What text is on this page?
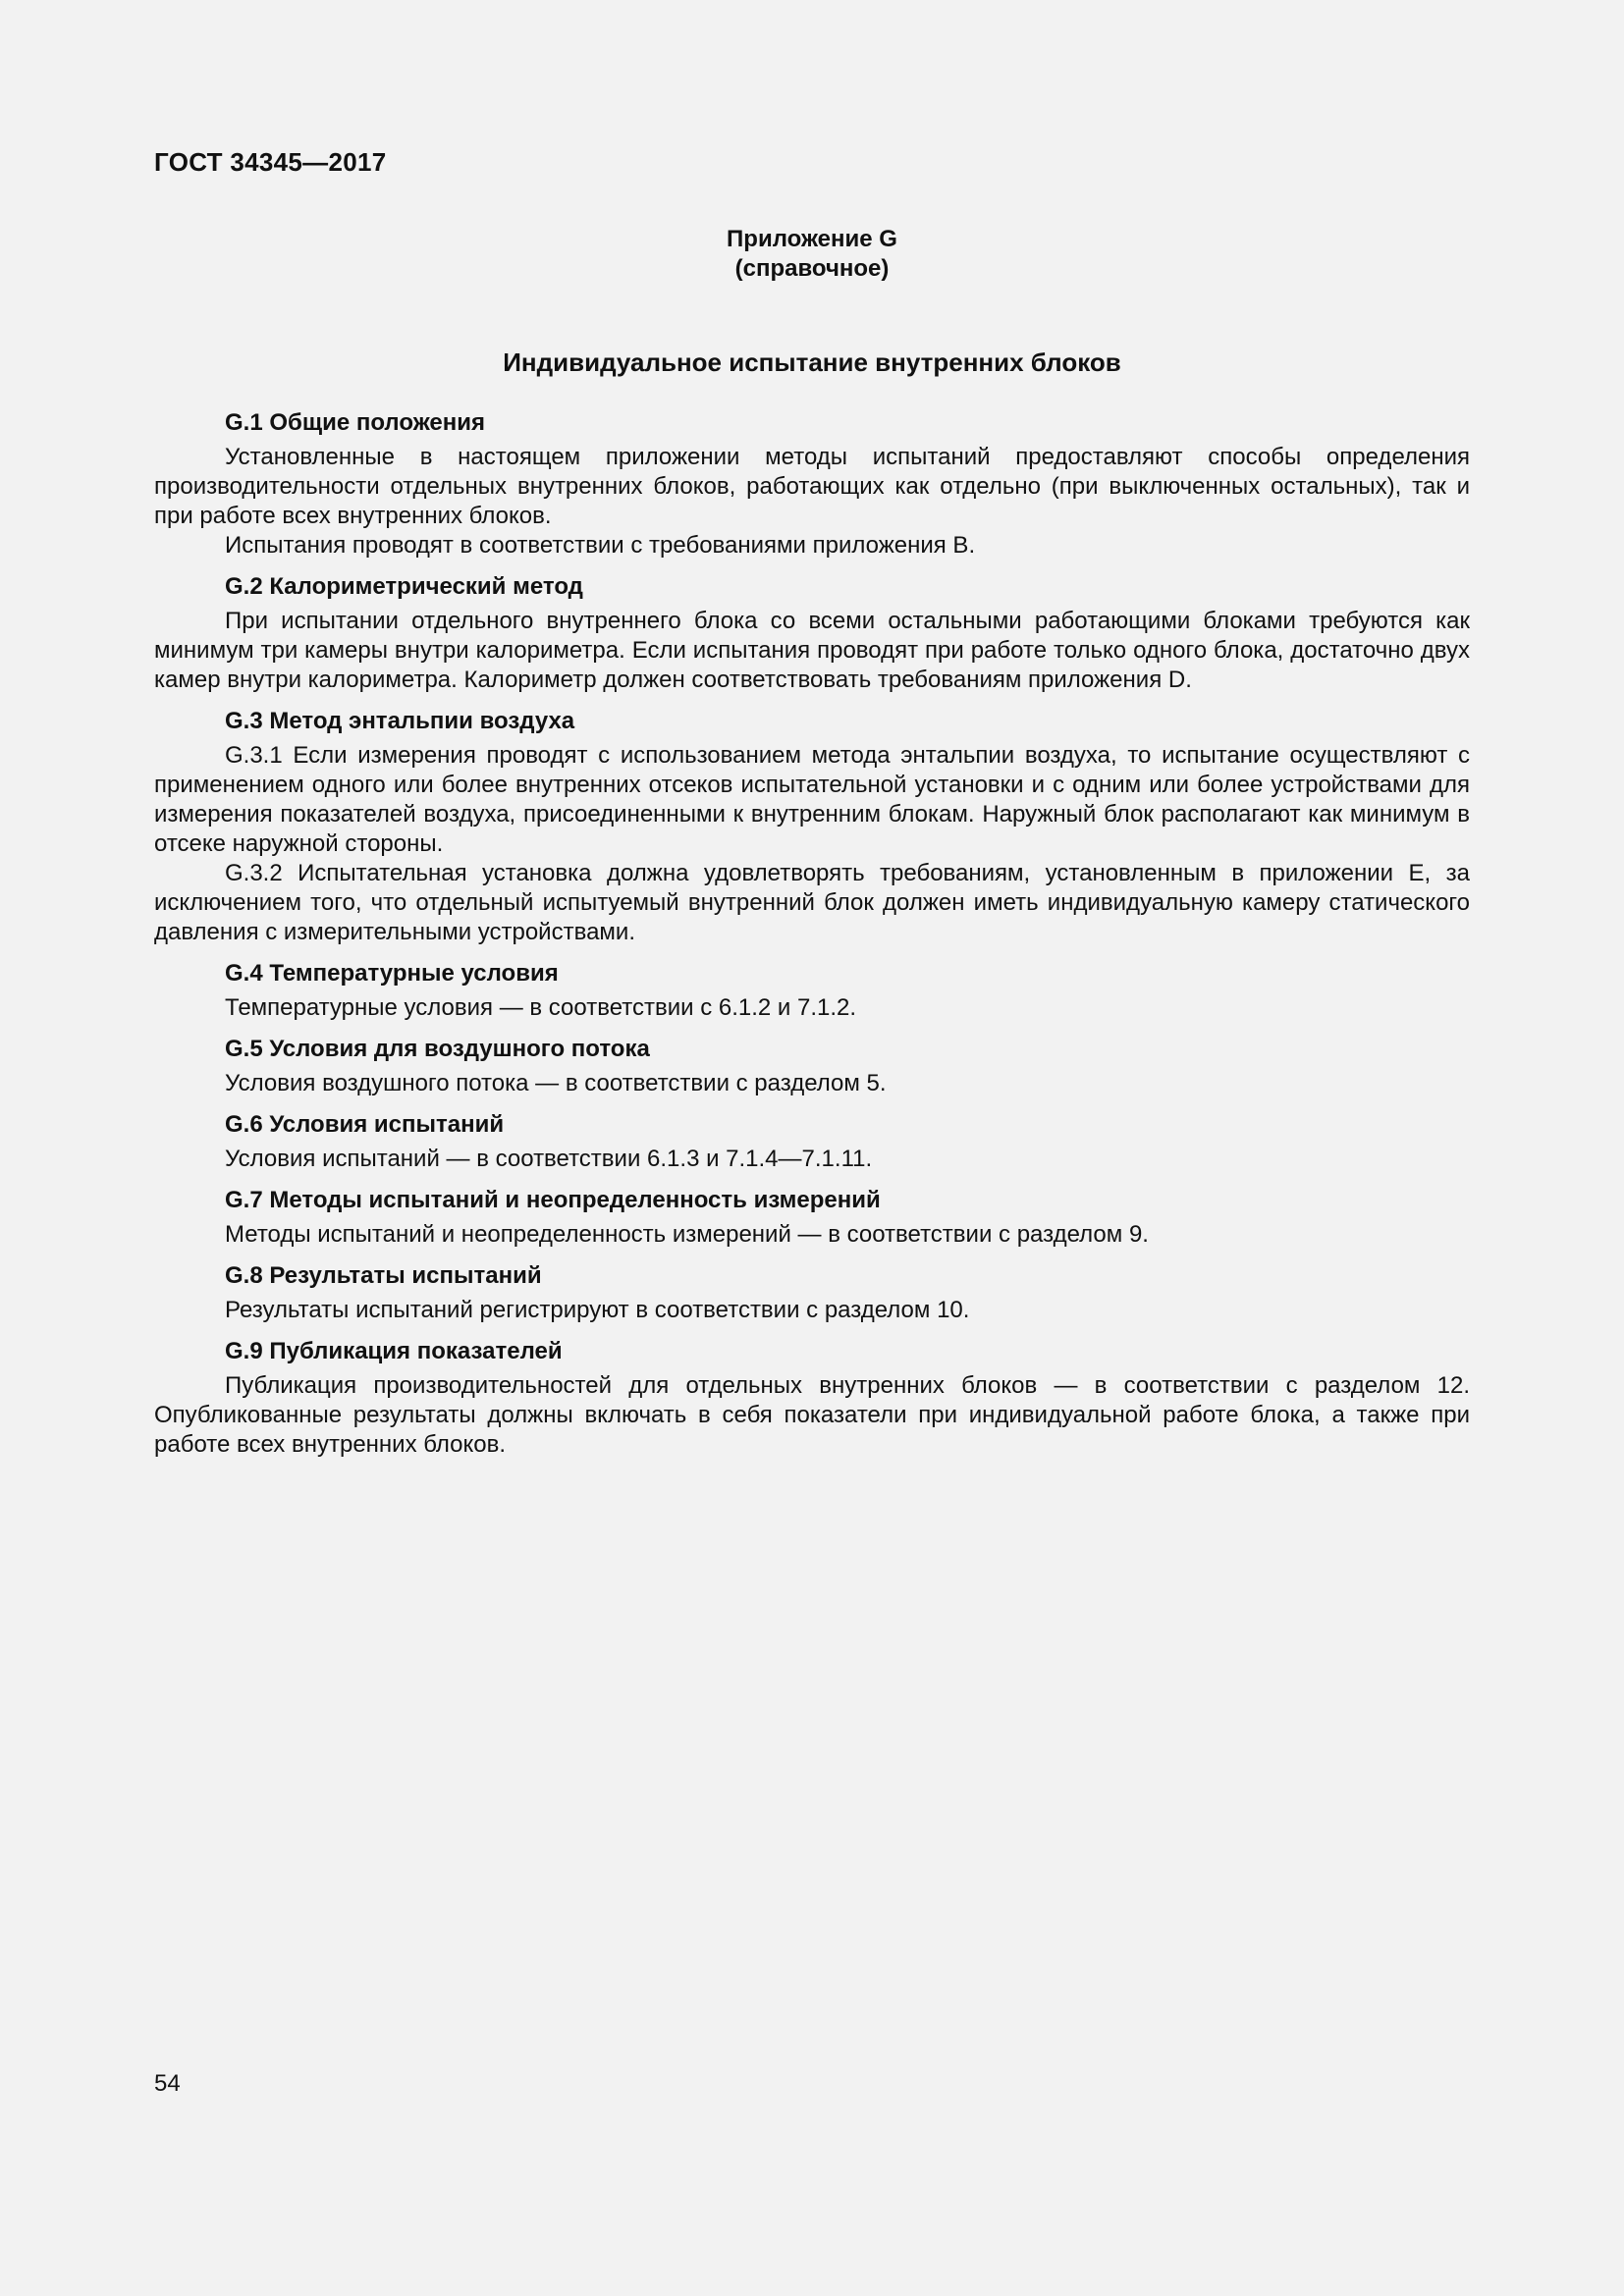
ГОСТ 34345—2017
Приложение G
(справочное)
Индивидуальное испытание внутренних блоков
G.1 Общие положения

Установленные в настоящем приложении методы испытаний предоставляют способы определения производительности отдельных внутренних блоков, работающих как отдельно (при выключенных остальных), так и при работе всех внутренних блоков.

Испытания проводят в соответствии с требованиями приложения В.

G.2 Калориметрический метод

При испытании отдельного внутреннего блока со всеми остальными работающими блоками требуются как минимум три камеры внутри калориметра. Если испытания проводят при работе только одного блока, достаточно двух камер внутри калориметра. Калориметр должен соответствовать требованиям приложения D.

G.3 Метод энтальпии воздуха

G.3.1 Если измерения проводят с использованием метода энтальпии воздуха, то испытание осуществляют с применением одного или более внутренних отсеков испытательной установки и с одним или более устройствами для измерения показателей воздуха, присоединенными к внутренним блокам. Наружный блок располагают как минимум в отсеке наружной стороны.

G.3.2 Испытательная установка должна удовлетворять требованиям, установленным в приложении Е, за исключением того, что отдельный испытуемый внутренний блок должен иметь индивидуальную камеру статического давления с измерительными устройствами.

G.4 Температурные условия

Температурные условия — в соответствии с 6.1.2 и 7.1.2.

G.5 Условия для воздушного потока

Условия воздушного потока — в соответствии с разделом 5.

G.6 Условия испытаний

Условия испытаний — в соответствии 6.1.3 и 7.1.4—7.1.11.

G.7 Методы испытаний и неопределенность измерений

Методы испытаний и неопределенность измерений — в соответствии с разделом 9.

G.8 Результаты испытаний

Результаты испытаний регистрируют в соответствии с разделом 10.

G.9 Публикация показателей

Публикация производительностей для отдельных внутренних блоков — в соответствии с разделом 12. Опубликованные результаты должны включать в себя показатели при индивидуальной работе блока, а также при работе всех внутренних блоков.

54
